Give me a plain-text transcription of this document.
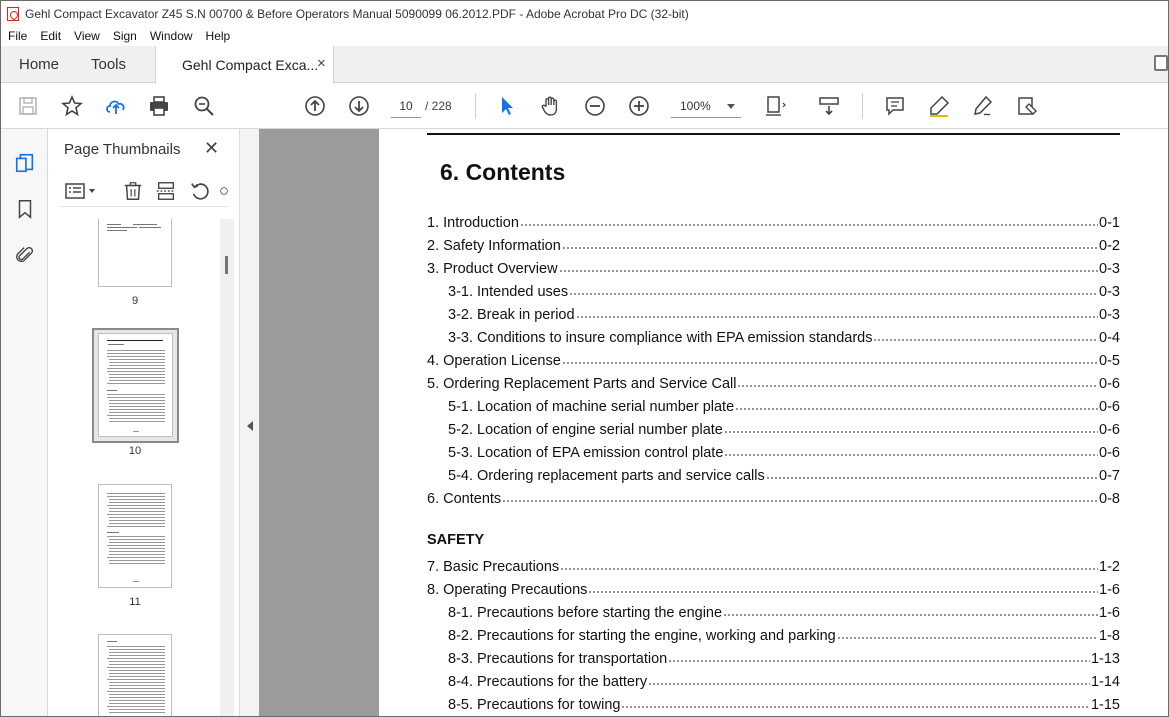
Gehl Compact Excavator Z45 S.N 00700 & Before Operators Manual 5090099 06.2012.PDF - Adobe Acrobat Pro DC (32-bit)
File	Edit	View	Sign	Window	Help
Home Tools	Gehl Compact Exca...
×
10	/ 228	100%
Page Thumbnails ✕
9
10
11
6. Contents
SAFETY
1. Introduction	0-1
2. Safety Information	0-2
3. Product Overview	0-3
3-1. Intended uses	0-3
3-2. Break in period	0-3
3-3. Conditions to insure compliance with EPA emission standards	0-4
4. Operation License	0-5
5. Ordering Replacement Parts and Service Call	0-6
5-1. Location of machine serial number plate	0-6
5-2. Location of engine serial number plate	0-6
5-3. Location of EPA emission control plate	0-6
5-4. Ordering replacement parts and service calls	0-7
6. Contents	0-8
7. Basic Precautions	1-2
8. Operating Precautions	1-6
8-1. Precautions before starting the engine	1-6
8-2. Precautions for starting the engine, working and parking	1-8
8-3. Precautions for transportation	1-13
8-4. Precautions for the battery	1-14
8-5. Precautions for towing	1-15
